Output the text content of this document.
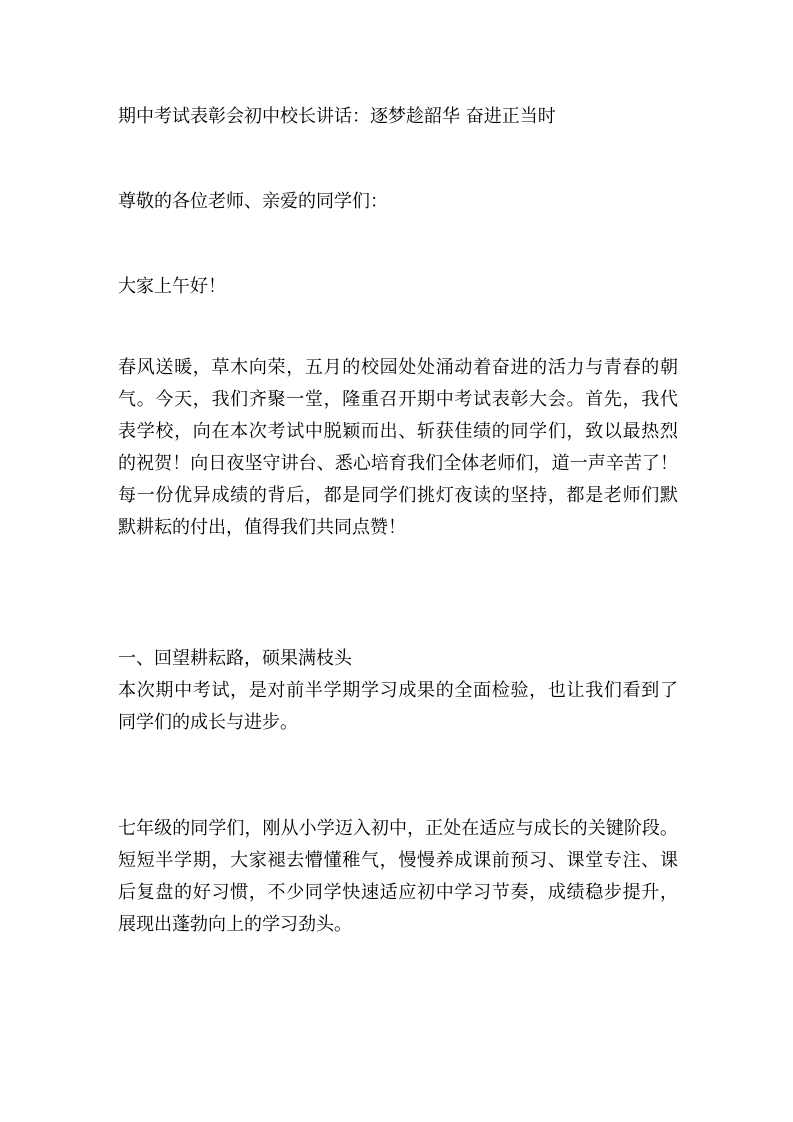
期中考试表彰会初中校长讲话：逐梦趁韶华 奋进正当时
尊敬的各位老师、亲爱的同学们：
大家上午好！
春风送暖，草木向荣，五月的校园处处涌动着奋进的活力与青春的朝
气。今天，我们齐聚一堂，隆重召开期中考试表彰大会。首先，我代
表学校，向在本次考试中脱颖而出、斩获佳绩的同学们，致以最热烈
的祝贺！向日夜坚守讲台、悉心培育我们全体老师们，道一声辛苦了！
每一份优异成绩的背后，都是同学们挑灯夜读的坚持，都是老师们默
默耕耘的付出，值得我们共同点赞！
一、回望耕耘路，硕果满枝头
本次期中考试，是对前半学期学习成果的全面检验，也让我们看到了
同学们的成长与进步。
七年级的同学们，刚从小学迈入初中，正处在适应与成长的关键阶段。
短短半学期，大家褪去懵懂稚气，慢慢养成课前预习、课堂专注、课
后复盘的好习惯，不少同学快速适应初中学习节奏，成绩稳步提升，
展现出蓬勃向上的学习劲头。
